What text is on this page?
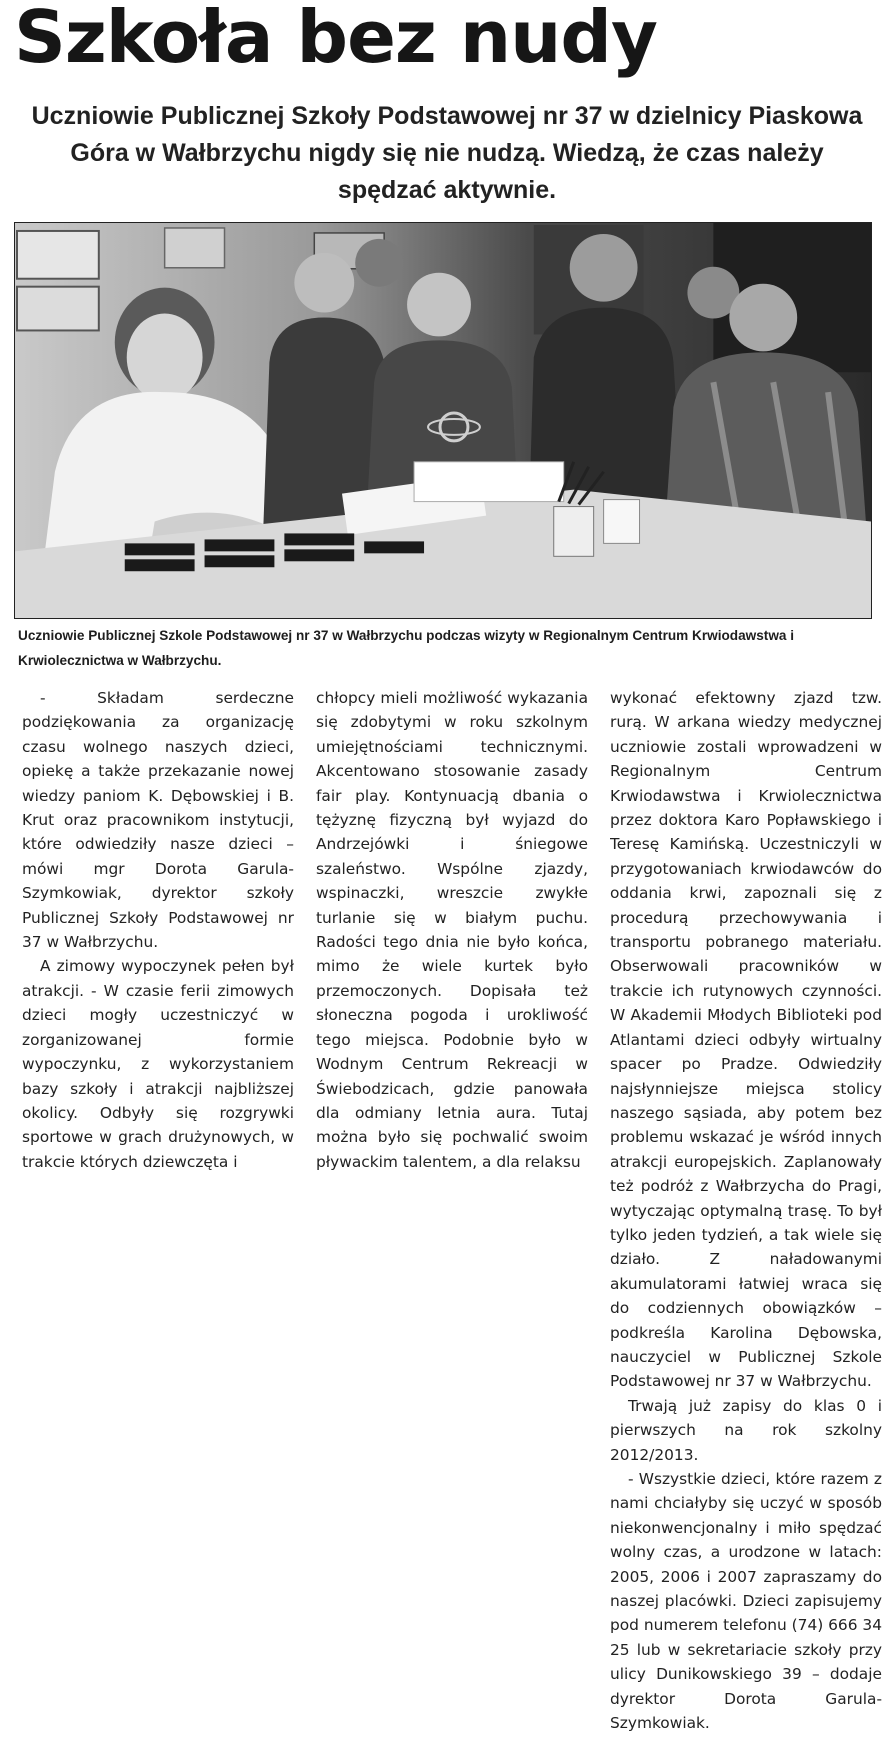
Szkoła bez nudy

Uczniowie Publicznej Szkoły Podstawowej nr 37 w dzielnicy Piaskowa Góra w Wałbrzychu nigdy się nie nudzą. Wiedzą, że czas należy spędzać aktywnie.

Uczniowie Publicznej Szkole Podstawowej nr 37 w Wałbrzychu podczas wizyty w Regionalnym Centrum Krwiodawstwa i Krwiolecznictwa w Wałbrzychu.

- Składam serdeczne podziękowania za organizację czasu wolnego naszych dzieci, opiekę a także przekazanie nowej wiedzy paniom K. Dębowskiej i B. Krut oraz pracownikom instytucji, które odwiedziły nasze dzieci – mówi mgr Dorota Garula-Szymkowiak, dyrektor szkoły Publicznej Szkoły Podstawowej nr 37 w Wałbrzychu.

A zimowy wypoczynek pełen był atrakcji. - W czasie ferii zimowych dzieci mogły uczestniczyć w zorganizowanej formie wypoczynku, z wykorzystaniem bazy szkoły i atrakcji najbliższej okolicy. Odbyły się rozgrywki sportowe w grach drużynowych, w trakcie których dziewczęta i

chłopcy mieli możliwość wykazania się zdobytymi w roku szkolnym umiejętnościami technicznymi. Akcentowano stosowanie zasady fair play. Kontynuacją dbania o tężyznę fizyczną był wyjazd do Andrzejówki i śniegowe szaleństwo. Wspólne zjazdy, wspinaczki, wreszcie zwykłe turlanie się w białym puchu. Radości tego dnia nie było końca, mimo że wiele kurtek było przemoczonych. Dopisała też słoneczna pogoda i urokliwość tego miejsca. Podobnie było w Wodnym Centrum Rekreacji w Świebodzicach, gdzie panowała dla odmiany letnia aura. Tutaj można było się pochwalić swoim pływackim talentem, a dla relaksu

wykonać efektowny zjazd tzw. rurą. W arkana wiedzy medycznej uczniowie zostali wprowadzeni w Regionalnym Centrum Krwiodawstwa i Krwiolecznictwa przez doktora Karo Popławskiego i Teresę Kamińską. Uczestniczyli w przygotowaniach krwiodawców do oddania krwi, zapoznali się z procedurą przechowywania i transportu pobranego materiału. Obserwowali pracowników w trakcie ich rutynowych czynności. W Akademii Młodych Biblioteki pod Atlantami dzieci odbyły wirtualny spacer po Pradze. Odwiedziły najsłynniejsze miejsca stolicy naszego sąsiada, aby potem bez problemu wskazać je wśród innych atrakcji europejskich. Zaplanowały też podróż z Wałbrzycha do Pragi, wytyczając optymalną trasę. To był tylko jeden tydzień, a tak wiele się działo. Z naładowanymi akumulatorami łatwiej wraca się do codziennych obowiązków – podkreśla Karolina Dębowska, nauczyciel w Publicznej Szkole Podstawowej nr 37 w Wałbrzychu.

Trwają już zapisy do klas 0 i pierwszych na rok szkolny 2012/2013.

- Wszystkie dzieci, które razem z nami chciałyby się uczyć w sposób niekonwencjonalny i miło spędzać wolny czas, a urodzone w latach: 2005, 2006 i 2007 zapraszamy do naszej placówki. Dzieci zapisujemy pod numerem telefonu (74) 666 34 25 lub w sekretariacie szkoły przy ulicy Dunikowskiego 39 – dodaje dyrektor Dorota Garula-Szymkowiak.
